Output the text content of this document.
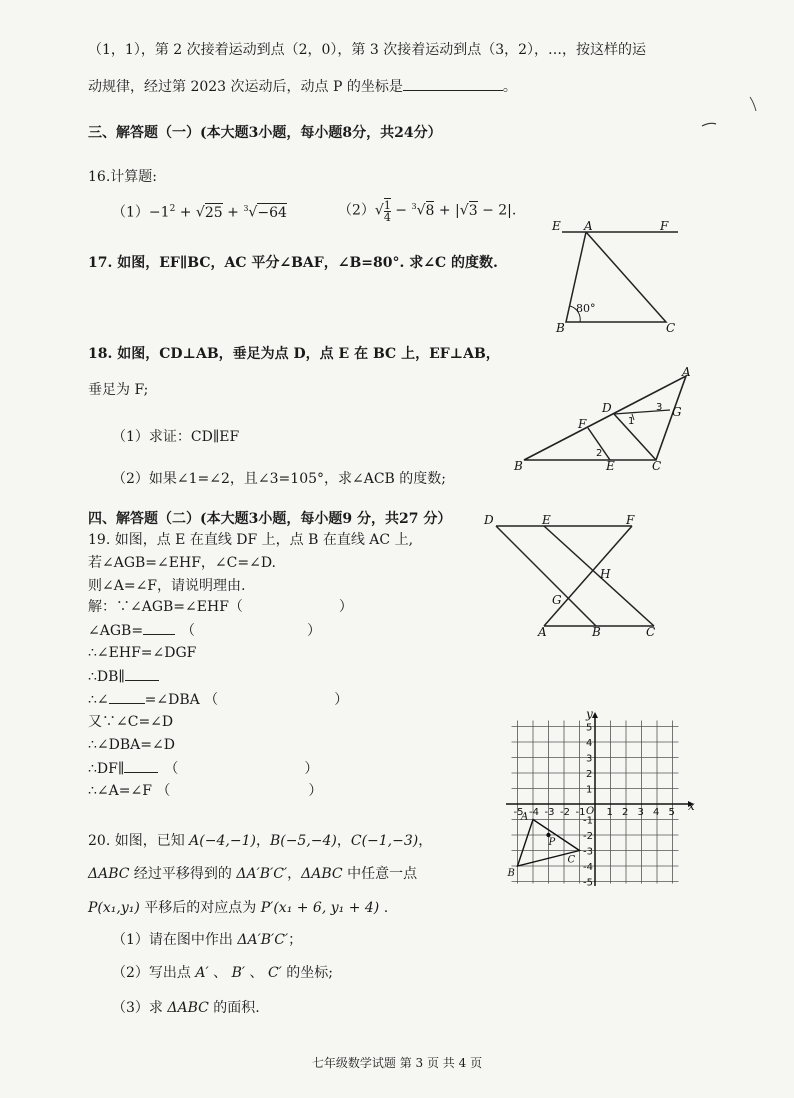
（1，1），第 2 次接着运动到点（2，0），第 3 次接着运动到点（3，2），…，按这样的运
动规律，经过第 2023 次运动后，动点 P 的坐标是	。
三、解答题（一）(本大题3小题，每小题8分，共24分）
16.计算题:
$(1)-1^2 + √25 + ^3√-64$	$(2)√ \frac{1}{4} - ^3√8 + |√3 - 2|$.
17. 如图，EF∥BC，AC 平分∠BAF，∠B=80°. 求∠C 的度数.
E A	F
B	C
80°
18. 如图，CD⊥AB，垂足为点 D，点 E 在 BC 上，EF⊥AB，
垂足为 F;
（1）求证：CD∥EF
（2）如果∠1=∠2，且∠3=105°，求∠ACB 的度数;
A
B	C
D
E
F
G
1
2
3
四、解答题（二）(本大题3小题，每小题9 分，共27 分）
19. 如图，点 E 在直线 DF 上，点 B 在直线 AC 上,
若∠AGB=∠EHF，∠C=∠D.
则∠A=∠F，请说明理由.
解：∵∠AGB=∠EHF（	）
∠AGB=	（	）
∴∠EHF=∠DGF
∴DB∥
∴∠	=∠DBA （	）
又∵∠C=∠D
∴∠DBA=∠D
∴DF∥	（	）
∴∠A=∠F （	）
D	E	F
H
G
A	B	C
x
y
O
-5 -4 -3 -2 -1 1 2 3 4 5
5
4
3
2
1
-1
-2
-3
-4
-5
A
B
C
P
20. 如图，已知 A(−4,−1)，B(−5,−4)，C(−1,−3)，
ΔABC 经过平移得到的 ΔA′B′C′，ΔABC 中任意一点
P(x₁,y₁) 平移后的对应点为 P′(x₁ + 6, y₁ + 4) .
（1）请在图中作出 ΔA′B′C′；
（2）写出点 A′ 、 B′ 、 C′ 的坐标;
（3）求 ΔABC 的面积.
七年级数学试题 第 3 页 共 4 页
